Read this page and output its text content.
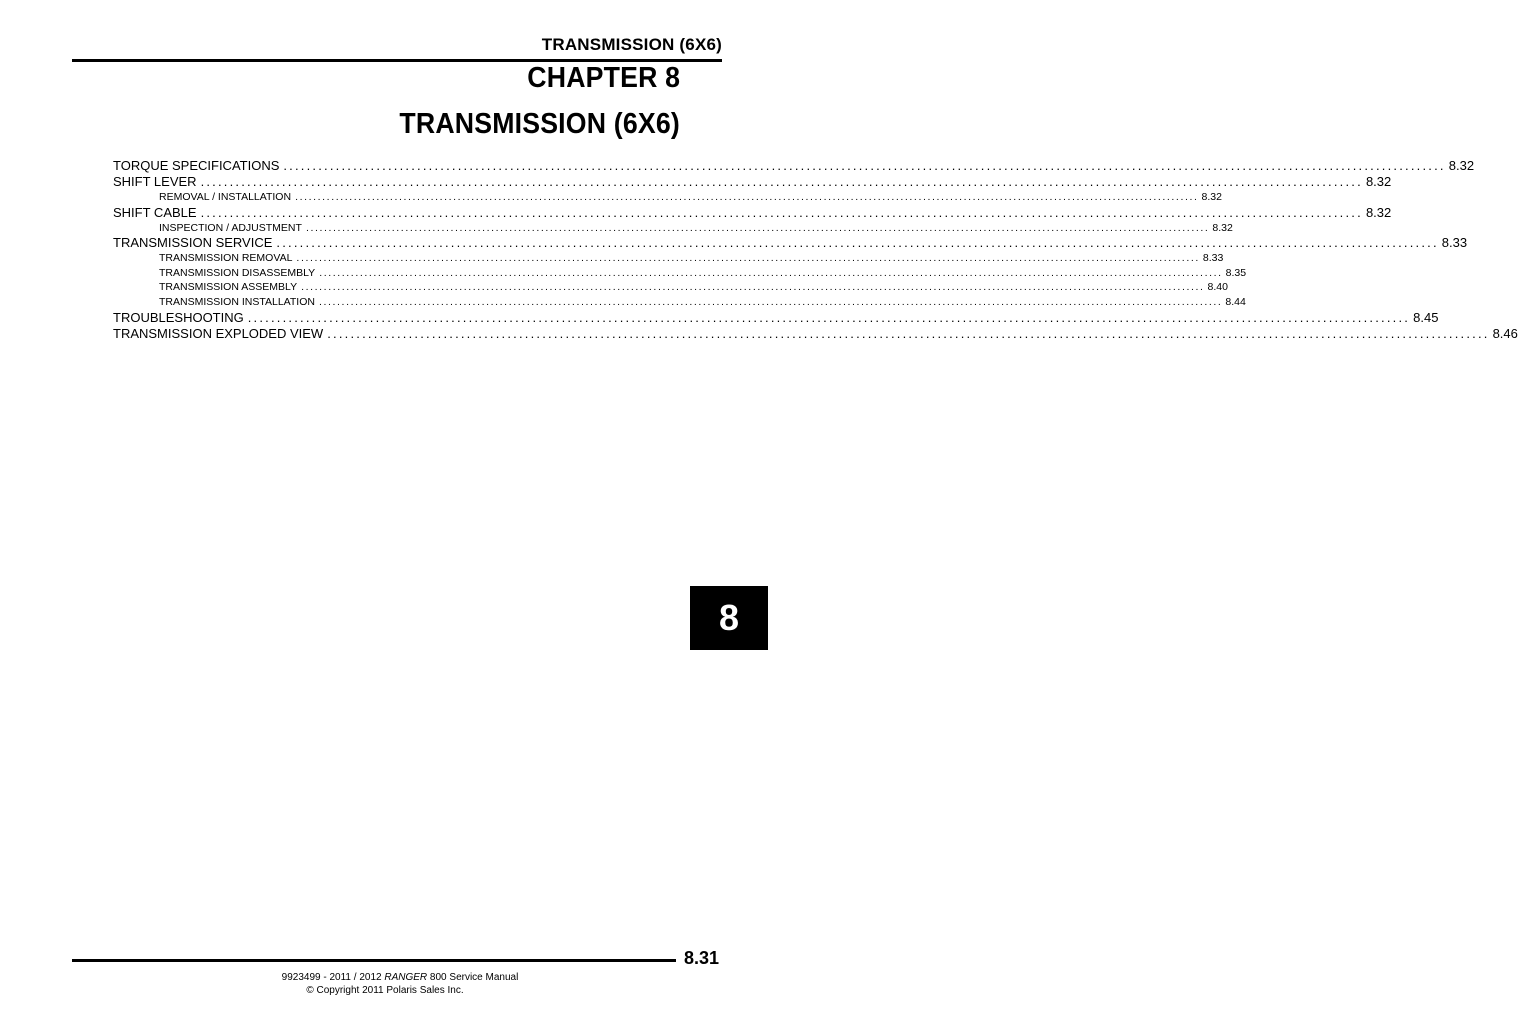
TRANSMISSION (6X6)
CHAPTER 8
TRANSMISSION (6X6)
TORQUE SPECIFICATIONS ........................................................................................................................................................................................................ 8.32
SHIFT LEVER ........................................................................................................................................................................................................ 8.32
REMOVAL / INSTALLATION ........................................................................................................................................................................................................ 8.32
SHIFT CABLE ........................................................................................................................................................................................................ 8.32
INSPECTION / ADJUSTMENT ........................................................................................................................................................................................................ 8.32
TRANSMISSION SERVICE ........................................................................................................................................................................................................ 8.33
TRANSMISSION REMOVAL ........................................................................................................................................................................................................ 8.33
TRANSMISSION DISASSEMBLY ........................................................................................................................................................................................................ 8.35
TRANSMISSION ASSEMBLY ........................................................................................................................................................................................................ 8.40
TRANSMISSION INSTALLATION ........................................................................................................................................................................................................ 8.44
TROUBLESHOOTING ........................................................................................................................................................................................................ 8.45
TRANSMISSION EXPLODED VIEW ........................................................................................................................................................................................................ 8.46
8
8.31
9923499 - 2011 / 2012 RANGER 800 Service Manual
© Copyright 2011 Polaris Sales Inc.
